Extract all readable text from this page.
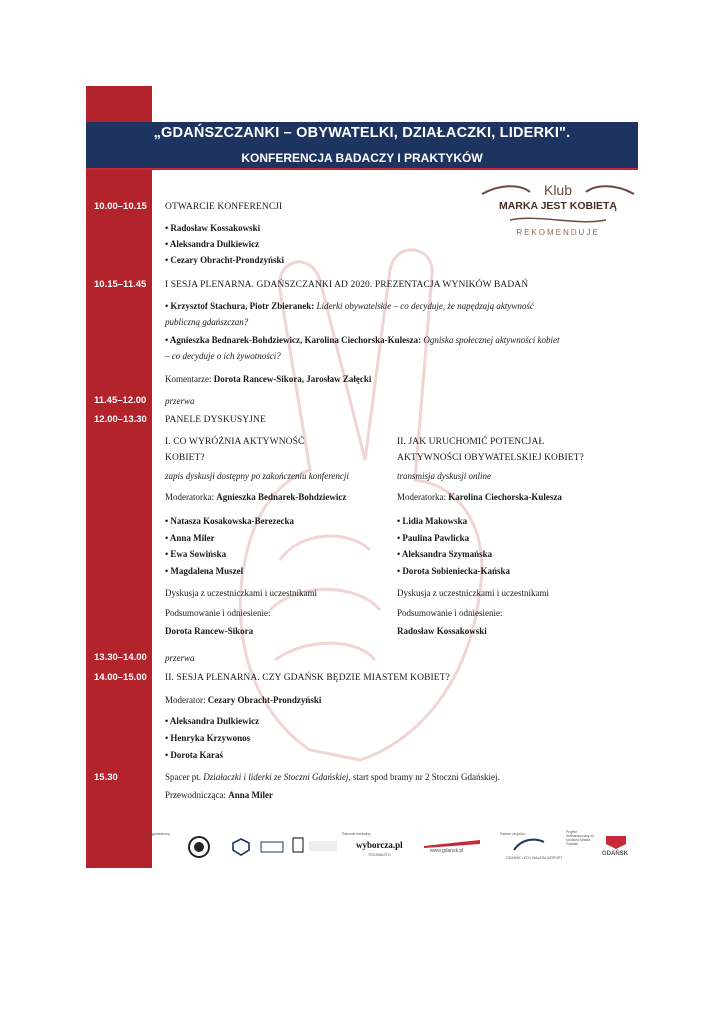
„GDAŃSZCZANKI – OBYWATELKI, DZIAŁACZKI, LIDERKI".
KONFERENCJA BADACZY I PRAKTYKÓW
Klub
MARKA JEST KOBIETĄ
REKOMENDUJE
10.00–10.15
10.15–11.45
11.45–12.00
12.00–13.30
13.30–14.00
14.00–15.00
15.30
OTWARCIE KONFERENCJI
• Radosław Kossakowski
• Aleksandra Dulkiewicz
• Cezary Obracht-Prondzyński
I SESJA PLENARNA. GDAŃSZCZANKI AD 2020. PREZENTACJA WYNIKÓW BADAŃ
• Krzysztof Stachura, Piotr Zbieranek: Liderki obywatelskie – co decyduje, że napędzają aktywność
publiczną gdańszczan?
• Agnieszka Bednarek-Bohdziewicz, Karolina Ciechorska-Kulesza: Ogniska społecznej aktywności kobiet
– co decyduje o ich żywotności?
Komentarze: Dorota Rancew-Sikora, Jarosław Załęcki
przerwa
PANELE DYSKUSYJNE
I. CO WYRÓŻNIA AKTYWNOŚĆ
KOBIET?
zapis dyskusji dostępny po zakończeniu konferencji
Moderatorka: Agnieszka Bednarek-Bohdziewicz
• Natasza Kosakowska-Berezecka
• Anna Miler
• Ewa Sowińska
• Magdalena Muszel
Dyskusja z uczestniczkami i uczestnikami
Podsumowanie i odniesienie:
Dorota Rancew-Sikora
II. JAK URUCHOMIĆ POTENCJAŁ
AKTYWNOŚCI OBYWATELSKIEJ KOBIET?
transmisja dyskusji online
Moderatorka: Karolina Ciechorska-Kulesza
• Lidia Makowska
• Paulina Pawlicka
• Aleksandra Szymańska
• Dorota Sobieniecka-Kańska
Dyskusja z uczestniczkami i uczestnikami
Podsumowanie i odniesienie:
Radosław Kossakowski
przerwa
II. SESJA PLENARNA. CZY GDAŃSK BĘDZIE MIASTEM KOBIET?
Moderator: Cezary Obracht-Prondzyński
• Aleksandra Dulkiewicz
• Henryka Krzywonos
• Dorota Karaś
Spacer pt. Działaczki i liderki ze Stoczni Gdańskiej, start spod bramy nr 2 Stoczni Gdańskiej.
Przewodnicząca: Anna Miler
Organizatorzy:	Patronat medialny:
wyborcza.pl
TRÓJMIASTO
www.gdansk.pl
Partner projektu:
GDANSK LECH WALESA AIRPORT
Projekt dofinansowany ze środków Miasta Gdańsk
GDAŃSK
